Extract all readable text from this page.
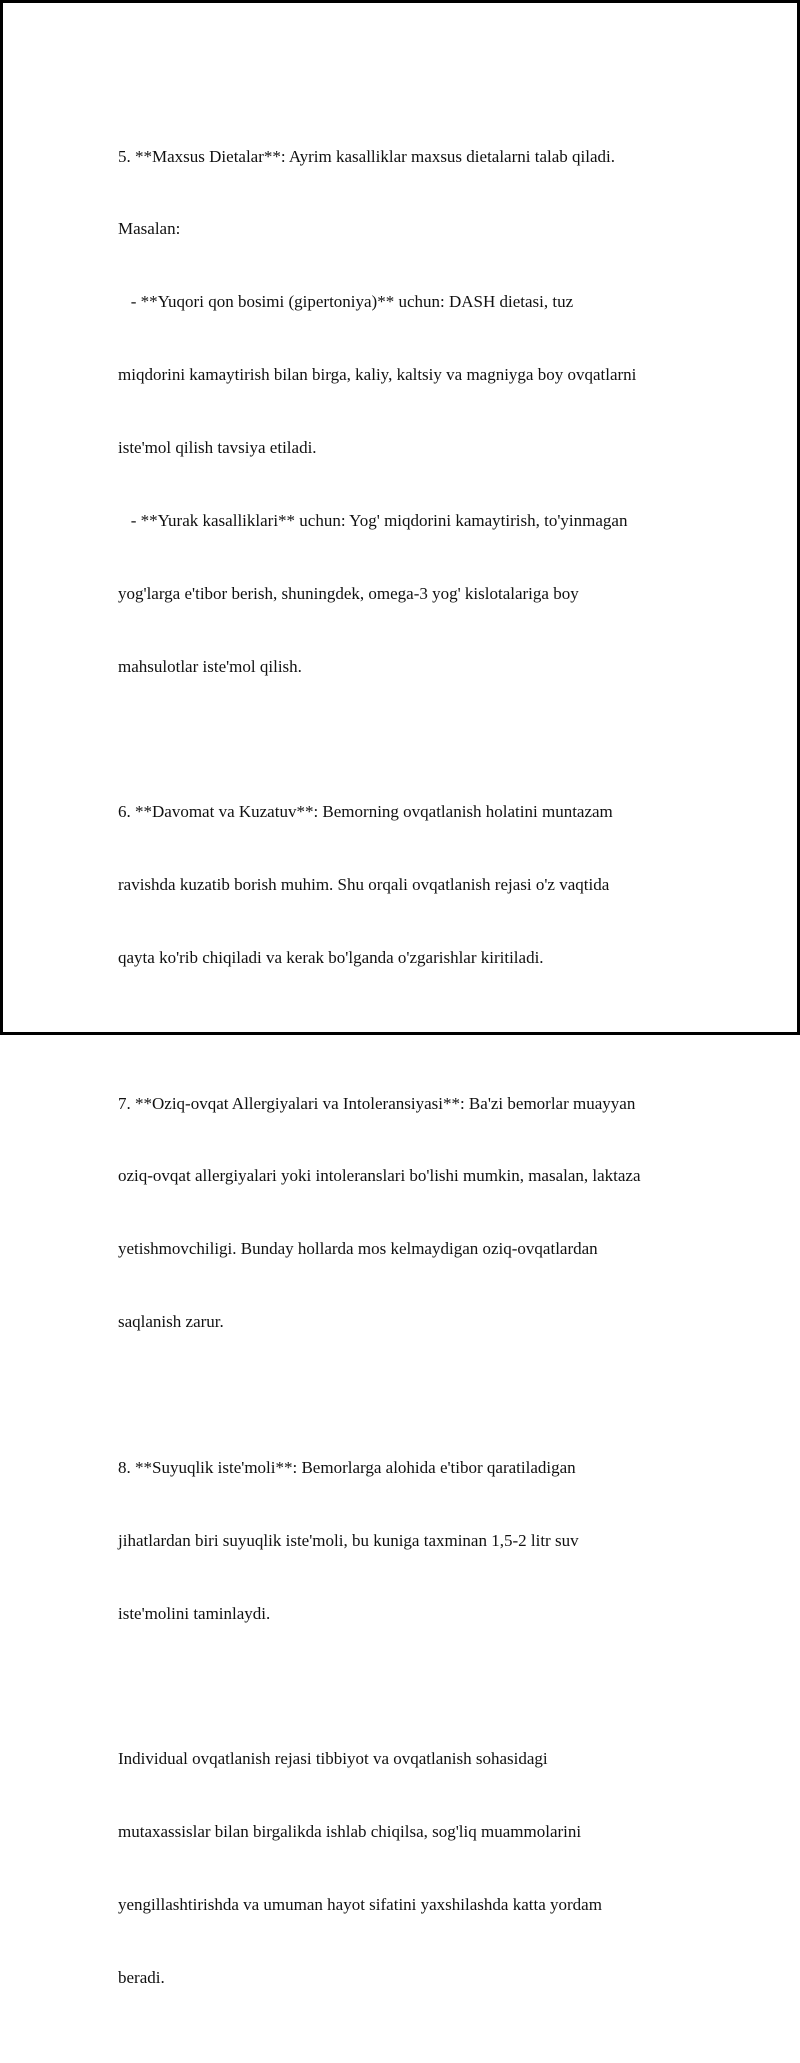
5. **Maxsus Dietalar**: Ayrim kasalliklar maxsus dietalarni talab qiladi.

Masalan:

- **Yuqori qon bosimi (gipertoniya)** uchun: DASH dietasi, tuz

miqdorini kamaytirish bilan birga, kaliy, kaltsiy va magniyga boy ovqatlarni

iste'mol qilish tavsiya etiladi.

- **Yurak kasalliklari** uchun: Yog' miqdorini kamaytirish, to'yinmagan

yog'larga e'tibor berish, shuningdek, omega-3 yog' kislotalariga boy

mahsulotlar iste'mol qilish.

6. **Davomat va Kuzatuv**: Bemorning ovqatlanish holatini muntazam

ravishda kuzatib borish muhim. Shu orqali ovqatlanish rejasi o'z vaqtida

qayta ko'rib chiqiladi va kerak bo'lganda o'zgarishlar kiritiladi.

7. **Oziq-ovqat Allergiyalari va Intoleransiyasi**: Ba'zi bemorlar muayyan

oziq-ovqat allergiyalari yoki intoleranslari bo'lishi mumkin, masalan, laktaza

yetishmovchiligi. Bunday hollarda mos kelmaydigan oziq-ovqatlardan

saqlanish zarur.

8. **Suyuqlik iste'moli**: Bemorlarga alohida e'tibor qaratiladigan

jihatlardan biri suyuqlik iste'moli, bu kuniga taxminan 1,5-2 litr suv

iste'molini taminlaydi.

Individual ovqatlanish rejasi tibbiyot va ovqatlanish sohasidagi

mutaxassislar bilan birgalikda ishlab chiqilsa, sog'liq muammolarini

yengillashtirishda va umuman hayot sifatini yaxshilashda katta yordam

beradi.
